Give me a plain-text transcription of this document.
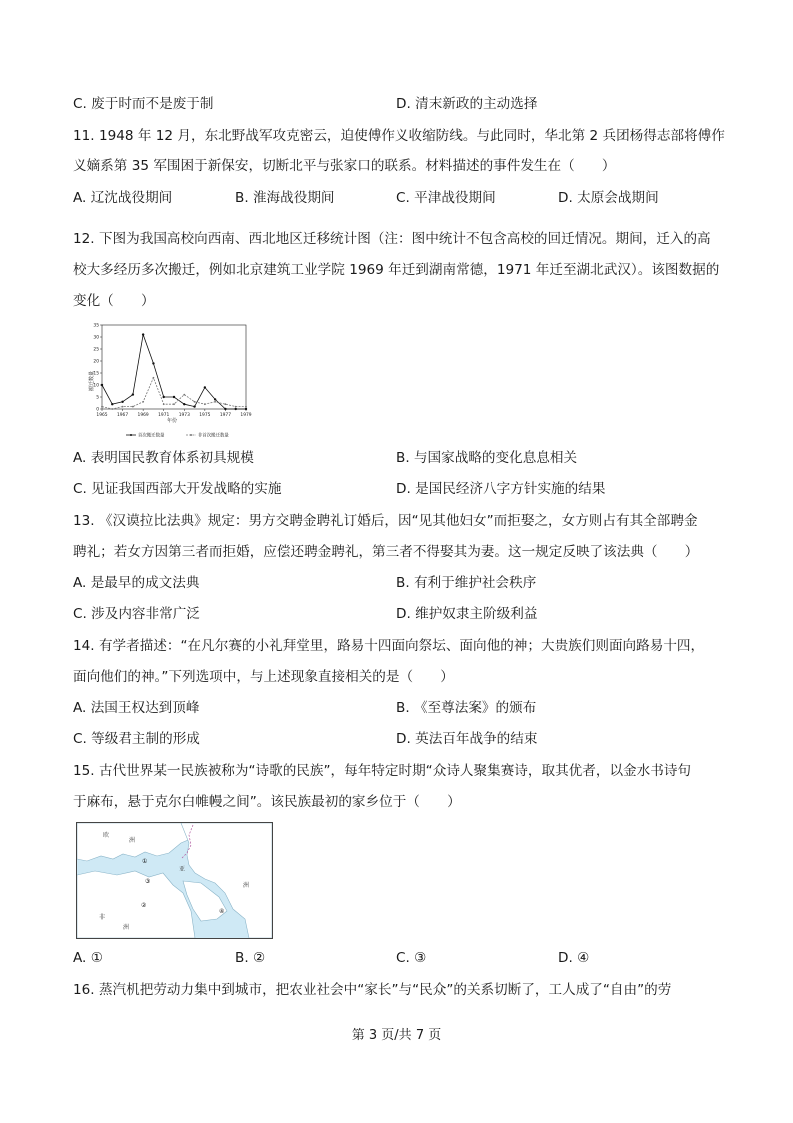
C. 废于时而不是废于制	D. 清末新政的主动选择
11. 1948 年 12 月，东北野战军攻克密云，迫使傅作义收缩防线。与此同时，华北第 2 兵团杨得志部将傅作
义嫡系第 35 军围困于新保安，切断北平与张家口的联系。材料描述的事件发生在（　　）
A. 辽沈战役期间	B. 淮海战役期间	C. 平津战役期间	D. 太原会战期间
12. 下图为我国高校向西南、西北地区迁移统计图（注：图中统计不包含高校的回迁情况。期间，迁入的高
校大多经历多次搬迁，例如北京建筑工业学院 1969 年迁到湖南常德，1971 年迁至湖北武汉）。该图数据的
变化（　　）
搬迁数量
年份
0
5
10
15
20
25
30
35
1965 1967 1969 1971 1973 1975 1977 1979
首次搬迁数量	非首次搬迁数量
A. 表明国民教育体系初具规模	B. 与国家战略的变化息息相关
C. 见证我国西部大开发战略的实施	D. 是国民经济八字方针实施的结果
13. 《汉谟拉比法典》规定：男方交聘金聘礼订婚后，因“见其他妇女”而拒娶之，女方则占有其全部聘金
聘礼；若女方因第三者而拒婚，应偿还聘金聘礼，第三者不得娶其为妻。这一规定反映了该法典（　　）
A. 是最早的成文法典	B. 有利于维护社会秩序
C. 涉及内容非常广泛	D. 维护奴隶主阶级利益
14. 有学者描述：“在凡尔赛的小礼拜堂里，路易十四面向祭坛、面向他的神；大贵族们则面向路易十四，
面向他们的神。”下列选项中，与上述现象直接相关的是（　　）
A. 法国王权达到顶峰	B. 《至尊法案》的颁布
C. 等级君主制的形成	D. 英法百年战争的结束
15. 古代世界某一民族被称为“诗歌的民族”，每年特定时期“众诗人聚集赛诗，取其优者，以金水书诗句
于麻布，悬于克尔白帷幔之间”。该民族最初的家乡位于（　　）
欧
洲
亚
洲
非
洲
①
②
③
④
A. ①	B. ②	C. ③	D. ④
16. 蒸汽机把劳动力集中到城市，把农业社会中“家长”与“民众”的关系切断了，工人成了“自由”的劳
第 3 页/共 7 页
